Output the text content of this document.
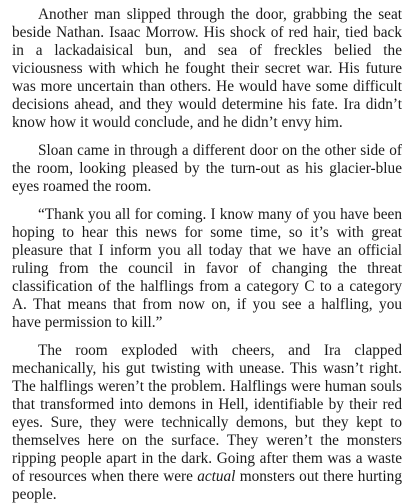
Another man slipped through the door, grabbing the seat beside Nathan. Isaac Morrow. His shock of red hair, tied back in a lackadaisical bun, and sea of freckles belied the viciousness with which he fought their secret war. His future was more uncertain than others. He would have some difficult decisions ahead, and they would determine his fate. Ira didn’t know how it would conclude, and he didn’t envy him.

Sloan came in through a different door on the other side of the room, looking pleased by the turn-out as his glacier-blue eyes roamed the room.

“Thank you all for coming. I know many of you have been hoping to hear this news for some time, so it’s with great pleasure that I inform you all today that we have an official ruling from the council in favor of changing the threat classification of the halflings from a category C to a category A. That means that from now on, if you see a halfling, you have permission to kill.”

The room exploded with cheers, and Ira clapped mechanically, his gut twisting with unease. This wasn’t right. The halflings weren’t the problem. Halflings were human souls that transformed into demons in Hell, identifiable by their red eyes. Sure, they were technically demons, but they kept to themselves here on the surface. They weren’t the monsters ripping people apart in the dark. Going after them was a waste of resources when there were actual monsters out there hurting people.
